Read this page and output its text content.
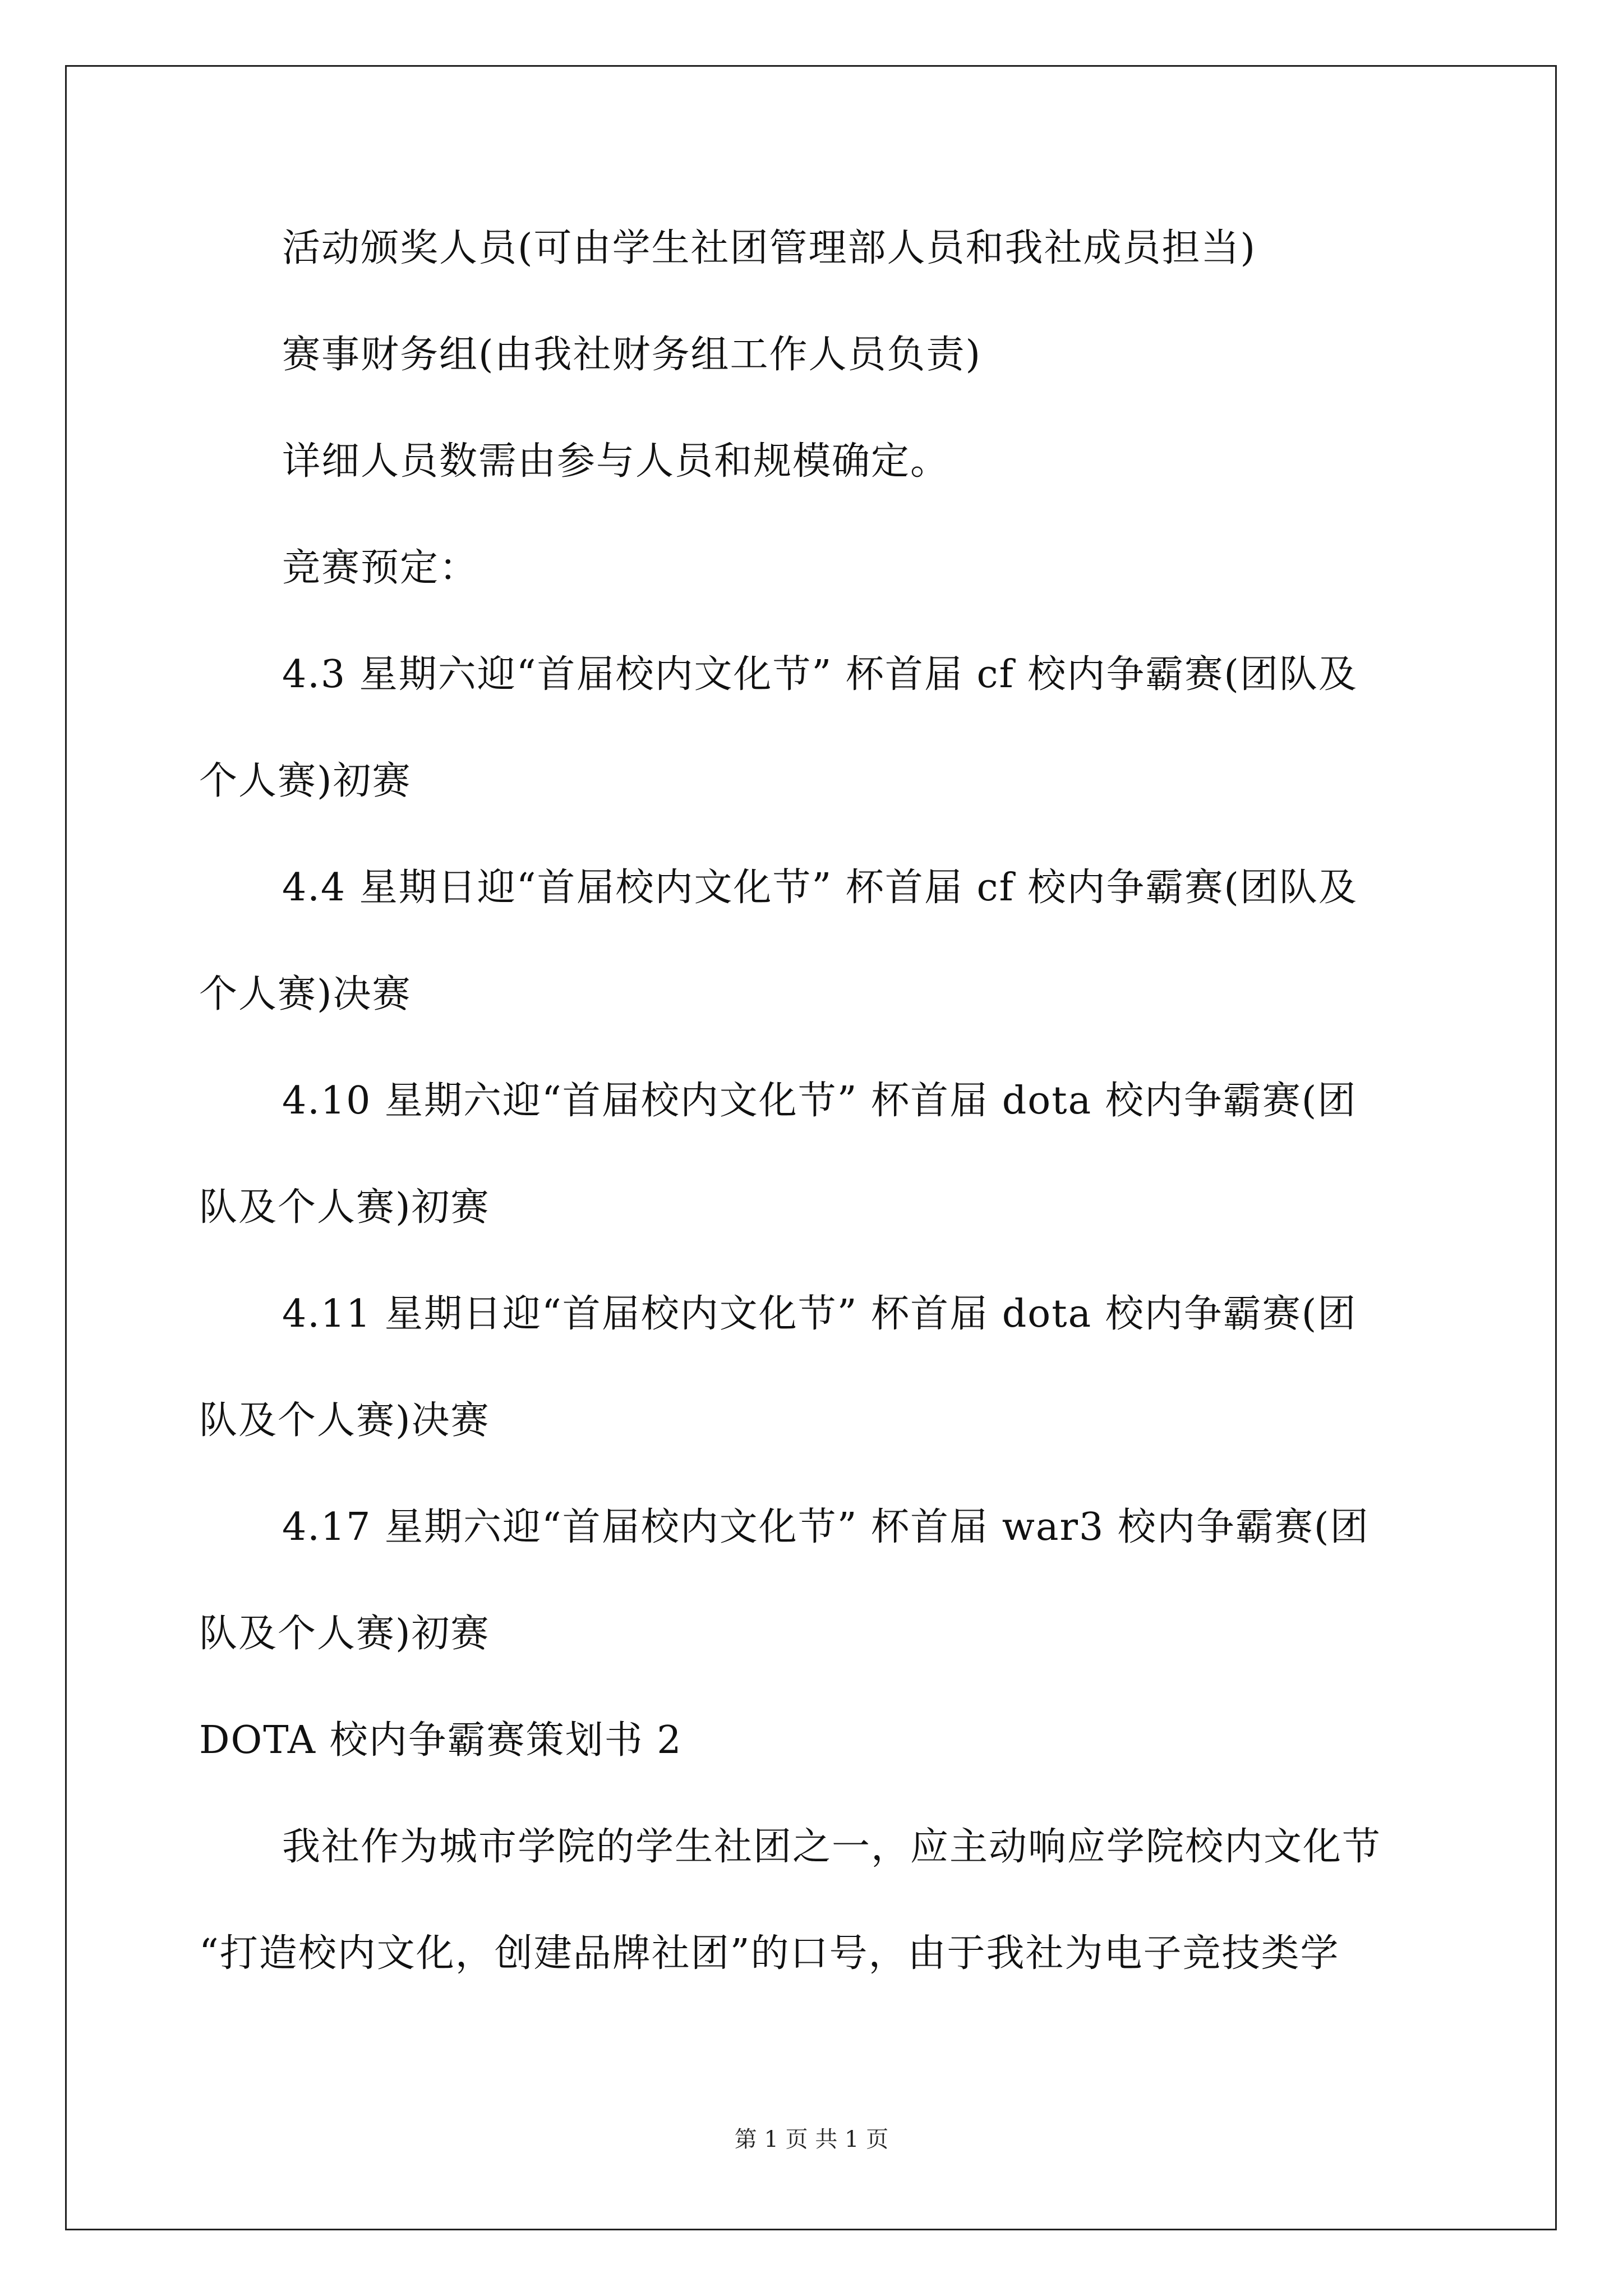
活动颁奖人员(可由学生社团管理部人员和我社成员担当)
赛事财务组(由我社财务组工作人员负责)
详细人员数需由参与人员和规模确定。
竞赛预定：
4.3 星期六迎“首届校内文化节” 杯首届 cf 校内争霸赛(团队及
个人赛)初赛
4.4 星期日迎“首届校内文化节” 杯首届 cf 校内争霸赛(团队及
个人赛)决赛
4.10 星期六迎“首届校内文化节” 杯首届 dota 校内争霸赛(团
队及个人赛)初赛
4.11 星期日迎“首届校内文化节” 杯首届 dota 校内争霸赛(团
队及个人赛)决赛
4.17 星期六迎“首届校内文化节” 杯首届 war3 校内争霸赛(团
队及个人赛)初赛
DOTA 校内争霸赛策划书 2
我社作为城市学院的学生社团之一，应主动响应学院校内文化节
“打造校内文化，创建品牌社团”的口号，由于我社为电子竞技类学
第 1 页 共 1 页
